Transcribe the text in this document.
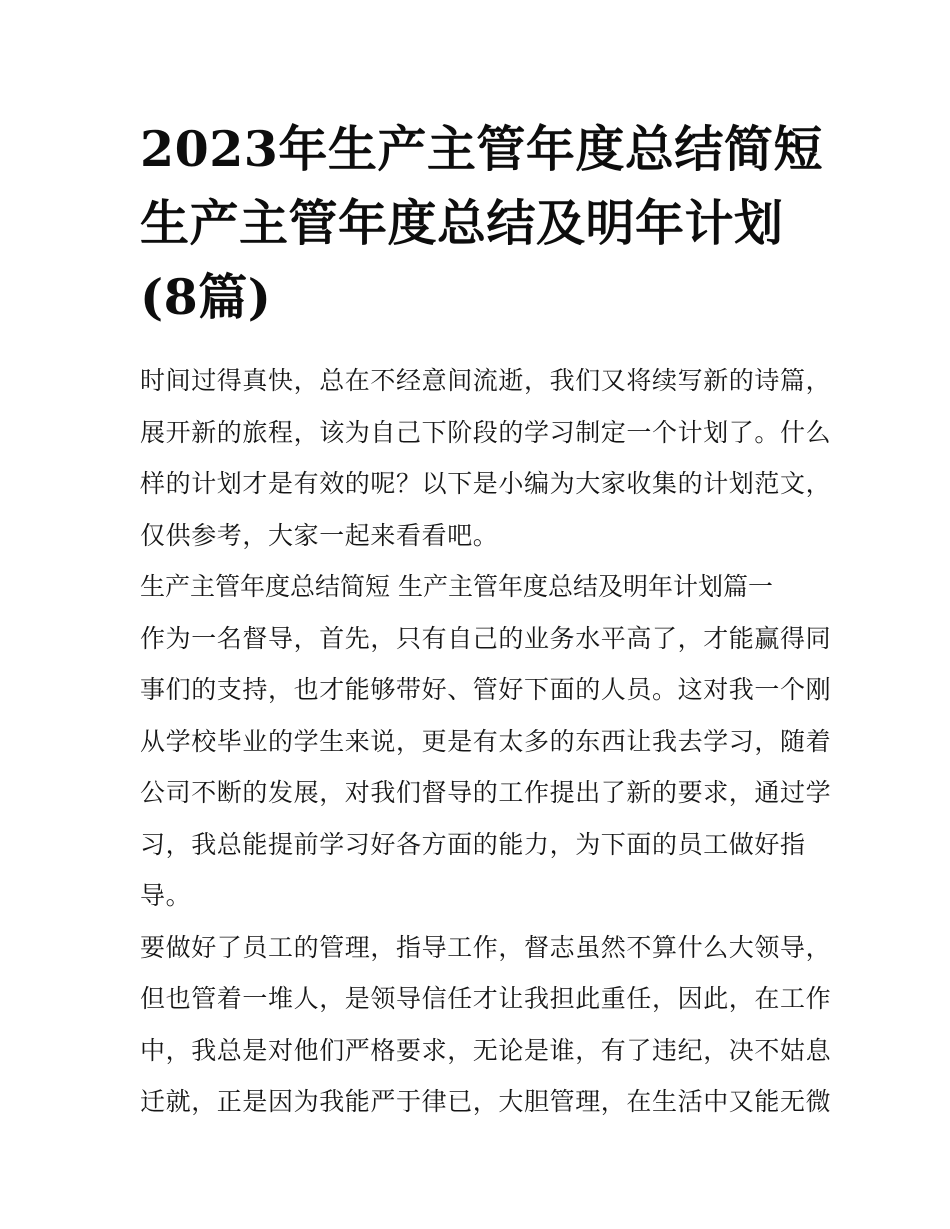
2023年生产主管年度总结简短
生产主管年度总结及明年计划
(8篇)
时间过得真快，总在不经意间流逝，我们又将续写新的诗篇，
展开新的旅程，该为自己下阶段的学习制定一个计划了。什么
样的计划才是有效的呢？以下是小编为大家收集的计划范文，
仅供参考，大家一起来看看吧。
生产主管年度总结简短 生产主管年度总结及明年计划篇一
作为一名督导，首先，只有自己的业务水平高了，才能赢得同
事们的支持，也才能够带好、管好下面的人员。这对我一个刚
从学校毕业的学生来说，更是有太多的东西让我去学习，随着
公司不断的发展，对我们督导的工作提出了新的要求，通过学
习，我总能提前学习好各方面的能力，为下面的员工做好指
导。
要做好了员工的管理，指导工作，督志虽然不算什么大领导，
但也管着一堆人，是领导信任才让我担此重任，因此，在工作
中，我总是对他们严格要求，无论是谁，有了违纪，决不姑息
迁就，正是因为我能严于律已，大胆管理，在生活中又能无微
